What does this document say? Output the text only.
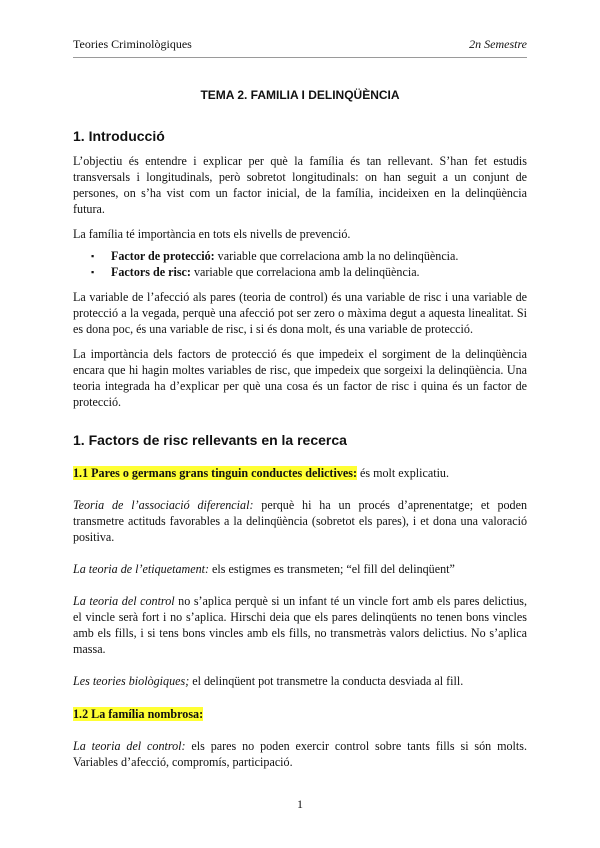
Teories Criminològiques	2n Semestre
TEMA 2. FAMILIA I DELINQÜÈNCIA
1. Introducció

L’objectiu és entendre i explicar per què la família és tan rellevant. S’han fet estudis transversals i longitudinals, però sobretot longitudinals: on han seguit a un conjunt de persones, on s’ha vist com un factor inicial, de la família, incideixen en la delinqüència futura.

La família té importància en tots els nivells de prevenció.

▪ Factor de protecció: variable que correlaciona amb la no delinqüència.
▪ Factors de risc: variable que correlaciona amb la delinqüència.

La variable de l’afecció als pares (teoria de control) és una variable de risc i una variable de protecció a la vegada, perquè una afecció pot ser zero o màxima degut a aquesta linealitat. Si es dona poc, és una variable de risc, i si és dona molt, és una variable de protecció.

La importància dels factors de protecció és que impedeix el sorgiment de la delinqüència encara que hi hagin moltes variables de risc, que impedeix que sorgeixi la delinqüència. Una teoria integrada ha d’explicar per què una cosa és un factor de risc i quina és un factor de protecció.

1. Factors de risc rellevants en la recerca

1.1 Pares o germans grans tinguin conductes delictives: és molt explicatiu.

Teoria de l’associació diferencial: perquè hi ha un procés d’aprenentatge; et poden transmetre actituds favorables a la delinqüència (sobretot els pares), i et dona una valoració positiva.

La teoria de l’etiquetament: els estigmes es transmeten; “el fill del delinqüent”

La teoria del control no s’aplica perquè si un infant té un vincle fort amb els pares delictius, el vincle serà fort i no s’aplica. Hirschi deia que els pares delinqüents no tenen bons vincles amb els fills, i si tens bons vincles amb els fills, no transmetràs valors delictius. No s’aplica massa.

Les teories biològiques; el delinqüent pot transmetre la conducta desviada al fill.

1.2 La família nombrosa:

La teoria del control: els pares no poden exercir control sobre tants fills si són molts. Variables d’afecció, compromís, participació.

1
